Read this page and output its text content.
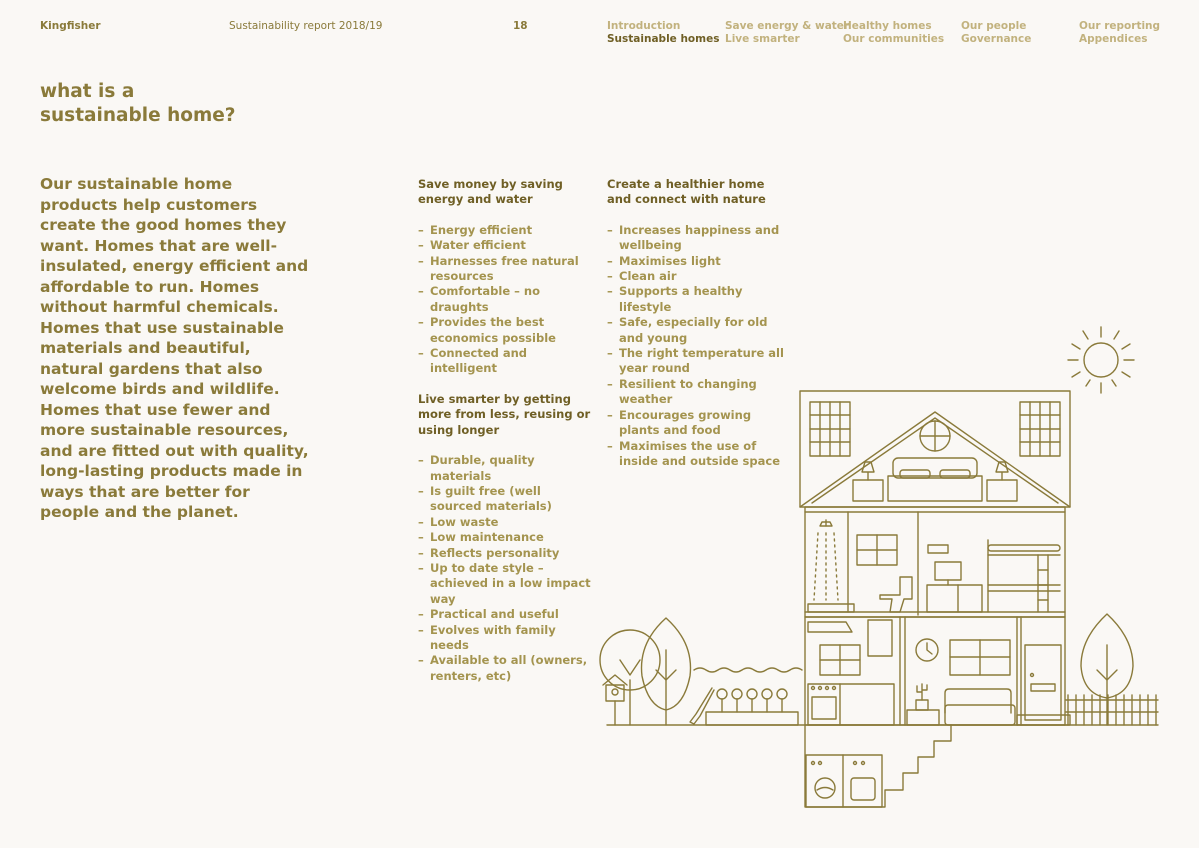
Kingfisher	Sustainability report 2018/19	18	Introduction
Sustainable homes
Save energy & water
Live smarter
Healthy homes
Our communities
Our people
Governance
Our reporting
Appendices
what is a
sustainable home?

Our sustainable home products help customers create the good homes they want. Homes that are well-insulated, energy efficient and affordable to run. Homes without harmful chemicals. Homes that use sustainable materials and beautiful, natural gardens that also welcome birds and wildlife. Homes that use fewer and more sustainable resources, and are fitted out with quality, long-lasting products made in ways that are better for people and the planet.

Save money by saving energy and water
– Energy efficient
– Water efficient
– Harnesses free natural resources
– Comfortable – no draughts
– Provides the best economics possible
– Connected and intelligent
Live smarter by getting more from less, reusing or using longer
– Durable, quality materials
– Is guilt free (well sourced materials)
– Low waste
– Low maintenance
– Reflects personality
– Up to date style – achieved in a low impact way
– Practical and useful
– Evolves with family needs
– Available to all (owners, renters, etc)
Create a healthier home and connect with nature
– Increases happiness and wellbeing
– Maximises light
– Clean air
– Supports a healthy lifestyle
– Safe, especially for old and young
– The right temperature all year round
– Resilient to changing weather
– Encourages growing plants and food
– Maximises the use of inside and outside space
